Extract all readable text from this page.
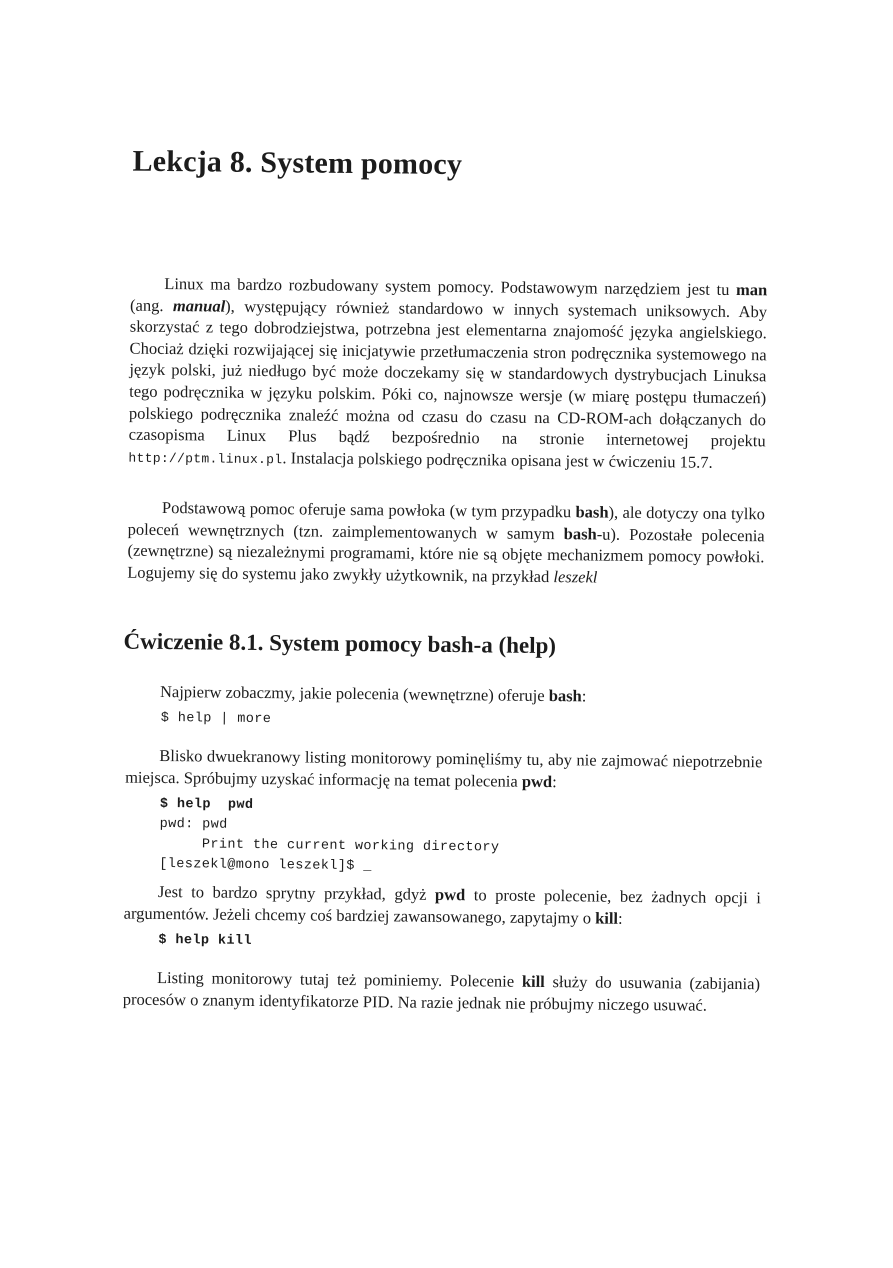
Lekcja 8. System pomocy

Linux ma bardzo rozbudowany system pomocy. Podstawowym narzędziem jest tu man (ang. manual), występujący również standardowo w innych systemach uniksowych. Aby skorzystać z tego dobrodziejstwa, potrzebna jest elementarna znajomość języka angielskiego. Chociaż dzięki rozwijającej się inicjatywie przetłumaczenia stron podręcznika systemowego na język polski, już niedługo być może doczekamy się w standardowych dystrybucjach Linuksa tego podręcznika w języku polskim. Póki co, najnowsze wersje (w miarę postępu tłumaczeń) polskiego podręcznika znaleźć można od czasu do czasu na CD-ROM-ach dołączanych do czasopisma Linux Plus bądź bezpośrednio na stronie internetowej projektu http://ptm.linux.pl. Instalacja polskiego podręcznika opisana jest w ćwiczeniu 15.7.

Podstawową pomoc oferuje sama powłoka (w tym przypadku bash), ale dotyczy ona tylko poleceń wewnętrznych (tzn. zaimplementowanych w samym bash-u). Pozostałe polecenia (zewnętrzne) są niezależnymi programami, które nie są objęte mechanizmem pomocy powłoki. Logujemy się do systemu jako zwykły użytkownik, na przykład leszekl

Ćwiczenie 8.1. System pomocy bash-a (help)

Najpierw zobaczmy, jakie polecenia (wewnętrzne) oferuje bash:

$ help | more

Blisko dwuekranowy listing monitorowy pominęliśmy tu, aby nie zajmować niepotrzebnie miejsca. Spróbujmy uzyskać informację na temat polecenia pwd:

$ help  pwd
pwd: pwd
Print the current working directory
[leszekl@mono leszekl]$ _

Jest to bardzo sprytny przykład, gdyż pwd to proste polecenie, bez żadnych opcji i argumentów. Jeżeli chcemy coś bardziej zawansowanego, zapytajmy o kill:

$ help kill

Listing monitorowy tutaj też pominiemy. Polecenie kill służy do usuwania (zabijania) procesów o znanym identyfikatorze PID. Na razie jednak nie próbujmy niczego usuwać.
